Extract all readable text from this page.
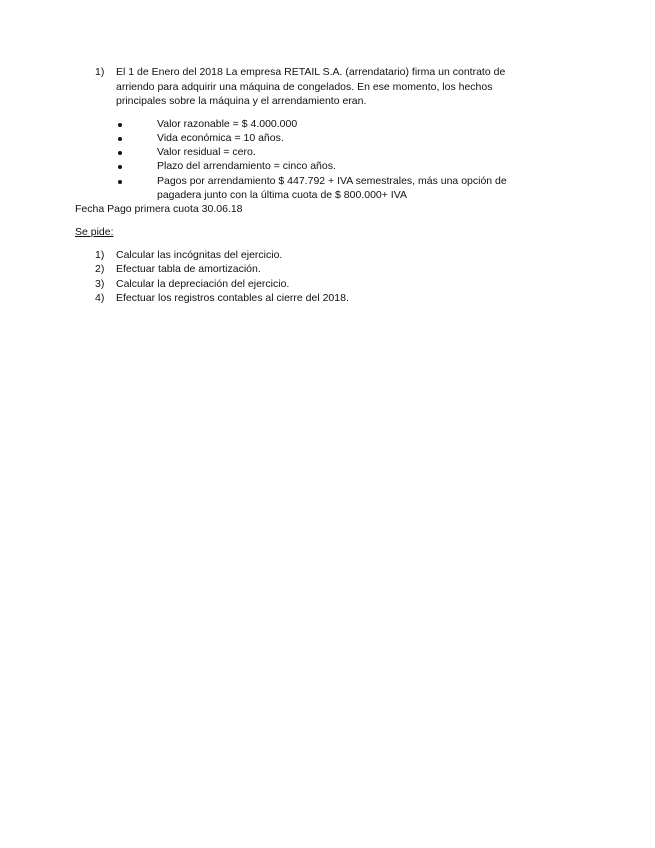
1) El 1 de Enero del 2018 La empresa RETAIL S.A. (arrendatario) firma un contrato de
arriendo para adquirir una máquina de congelados. En ese momento, los hechos
principales sobre la máquina y el arrendamiento eran.
Valor razonable = $ 4.000.000
Vida económica = 10 años.
Valor residual = cero.
Plazo del arrendamiento = cinco años.
Pagos por arrendamiento $ 447.792 + IVA semestrales, más una opción de
pagadera junto con la última cuota de $ 800.000+ IVA
Fecha Pago primera cuota 30.06.18
Se pide:
1) Calcular las incógnitas del ejercicio.
2) Efectuar tabla de amortización.
3) Calcular la depreciación del ejercicio.
4) Efectuar los registros contables al cierre del 2018.
